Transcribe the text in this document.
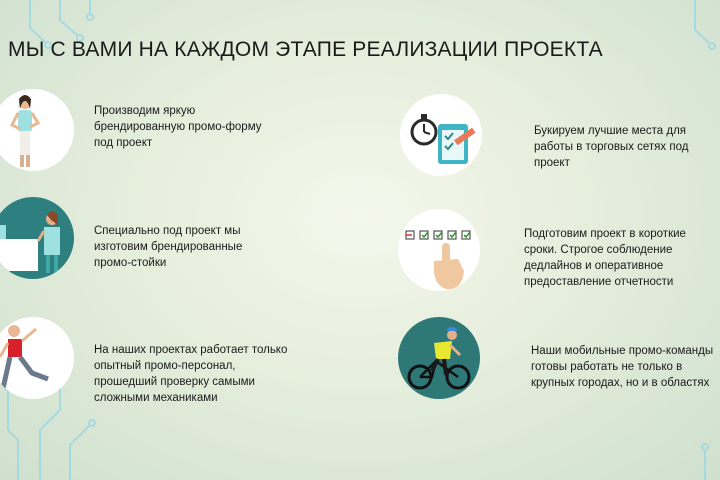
МЫ С ВАМИ НА КАЖДОМ ЭТАПЕ РЕАЛИЗАЦИИ ПРОЕКТА
Производим яркую
брендированную промо-форму
под проект
Специально под проект мы
изготовим брендированные
промо-стойки
На наших проектах работает только
опытный промо-персонал,
прошедший проверку самыми
сложными механиками
Букируем лучшие места для
работы в торговых сетях под
проект
Подготовим проект в короткие
сроки. Строгое соблюдение
дедлайнов и оперативное
предоставление отчетности
Наши мобильные промо-команды
готовы работать не только в
крупных городах, но и в областях
